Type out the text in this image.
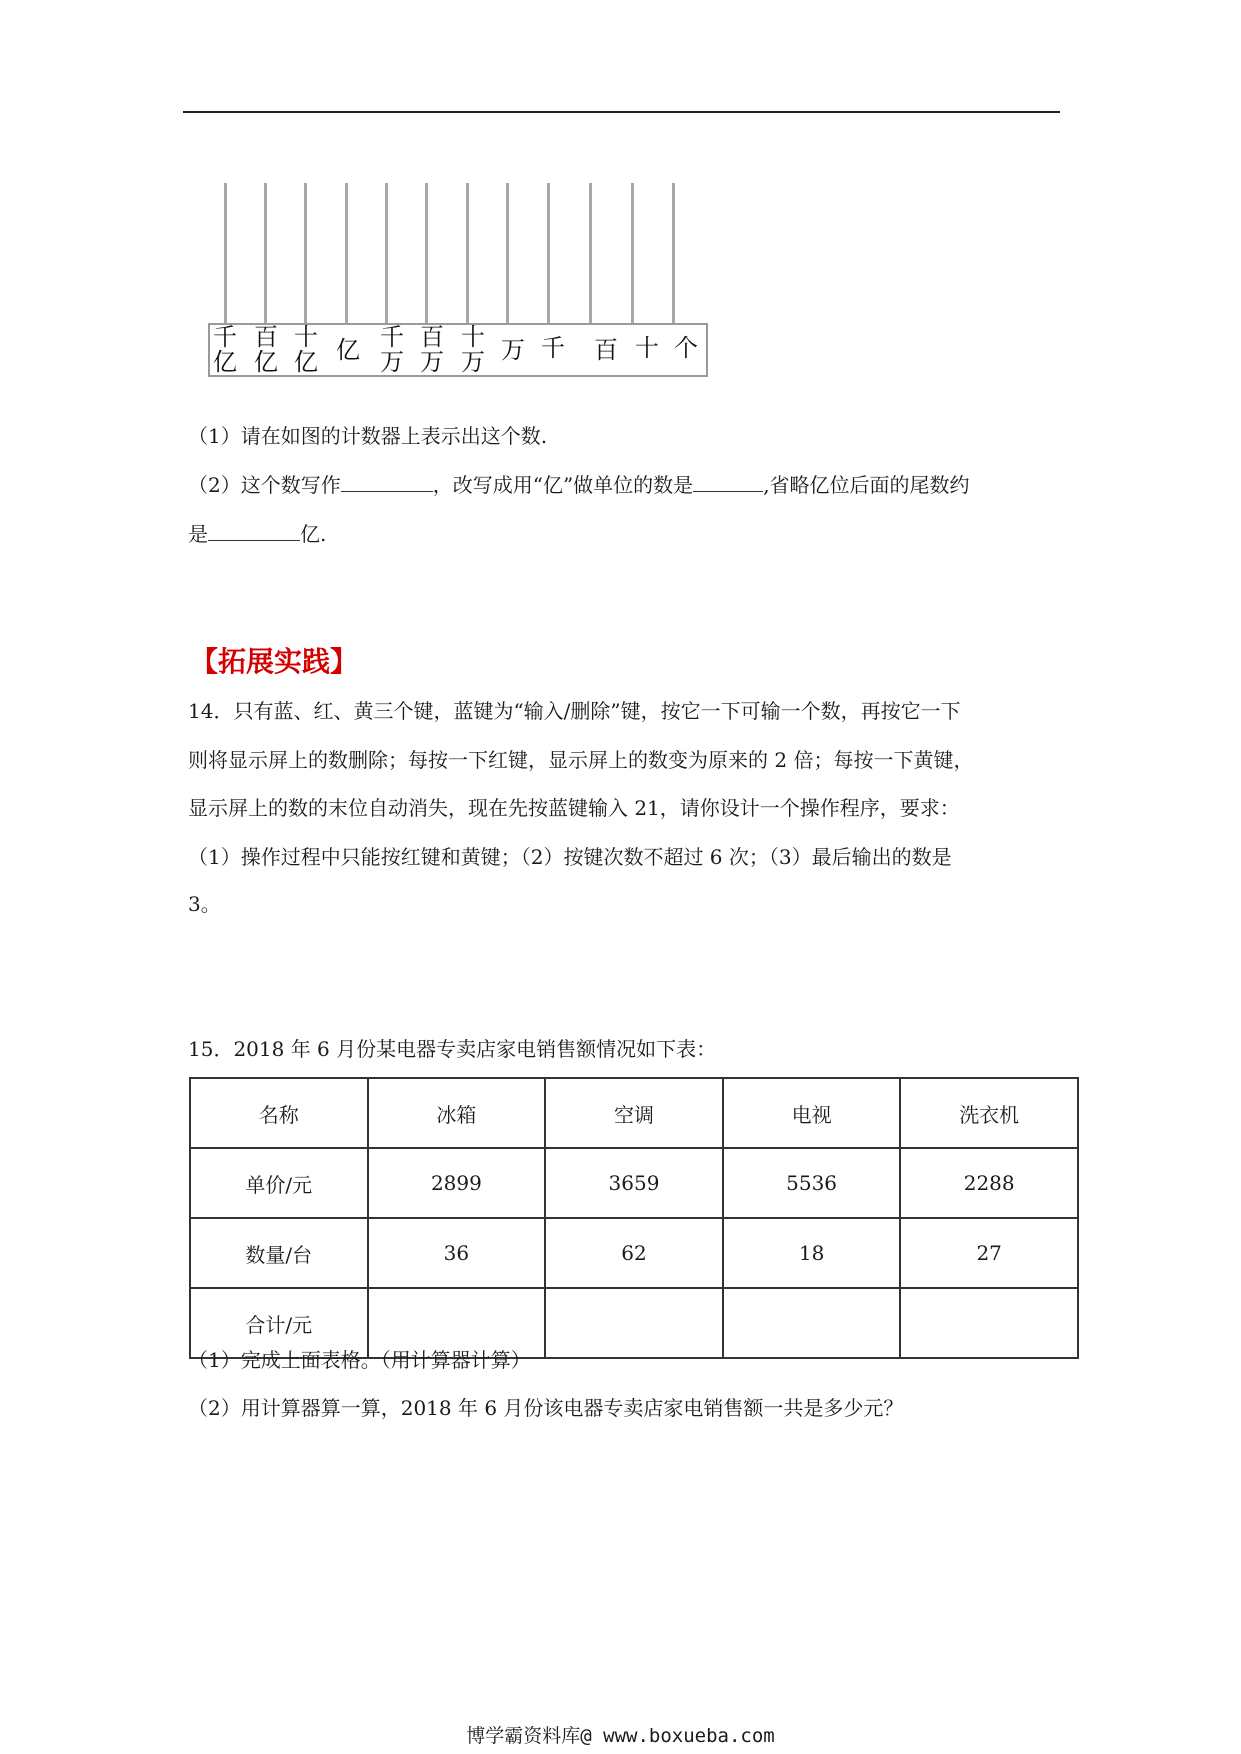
千
亿
百
亿
十
亿 亿 千
万
百
万
十
万 万 千 百 十 个

（1）请在如图的计数器上表示出这个数.

（2）这个数写作	，改写成用“亿”做单位的数是	,省略亿位后面的尾数约

是	亿.

【拓展实践】

14．只有蓝、红、黄三个键，蓝键为“输入/删除”键，按它一下可输一个数，再按它一下

则将显示屏上的数删除；每按一下红键，显示屏上的数变为原来的 2 倍；每按一下黄键，

显示屏上的数的末位自动消失，现在先按蓝键输入 21，请你设计一个操作程序，要求：

（1）操作过程中只能按红键和黄键；（2）按键次数不超过 6 次；（3）最后输出的数是

3。

15．2018 年 6 月份某电器专卖店家电销售额情况如下表：

名称	冰箱	空调	电视	洗衣机
单价/元	2899	3659	5536	2288
数量/台	36	62	18	27
合计/元				

（1）完成上面表格。（用计算器计算）

（2）用计算器算一算，2018 年 6 月份该电器专卖店家电销售额一共是多少元？

博学霸资料库@ www.boxueba.com
